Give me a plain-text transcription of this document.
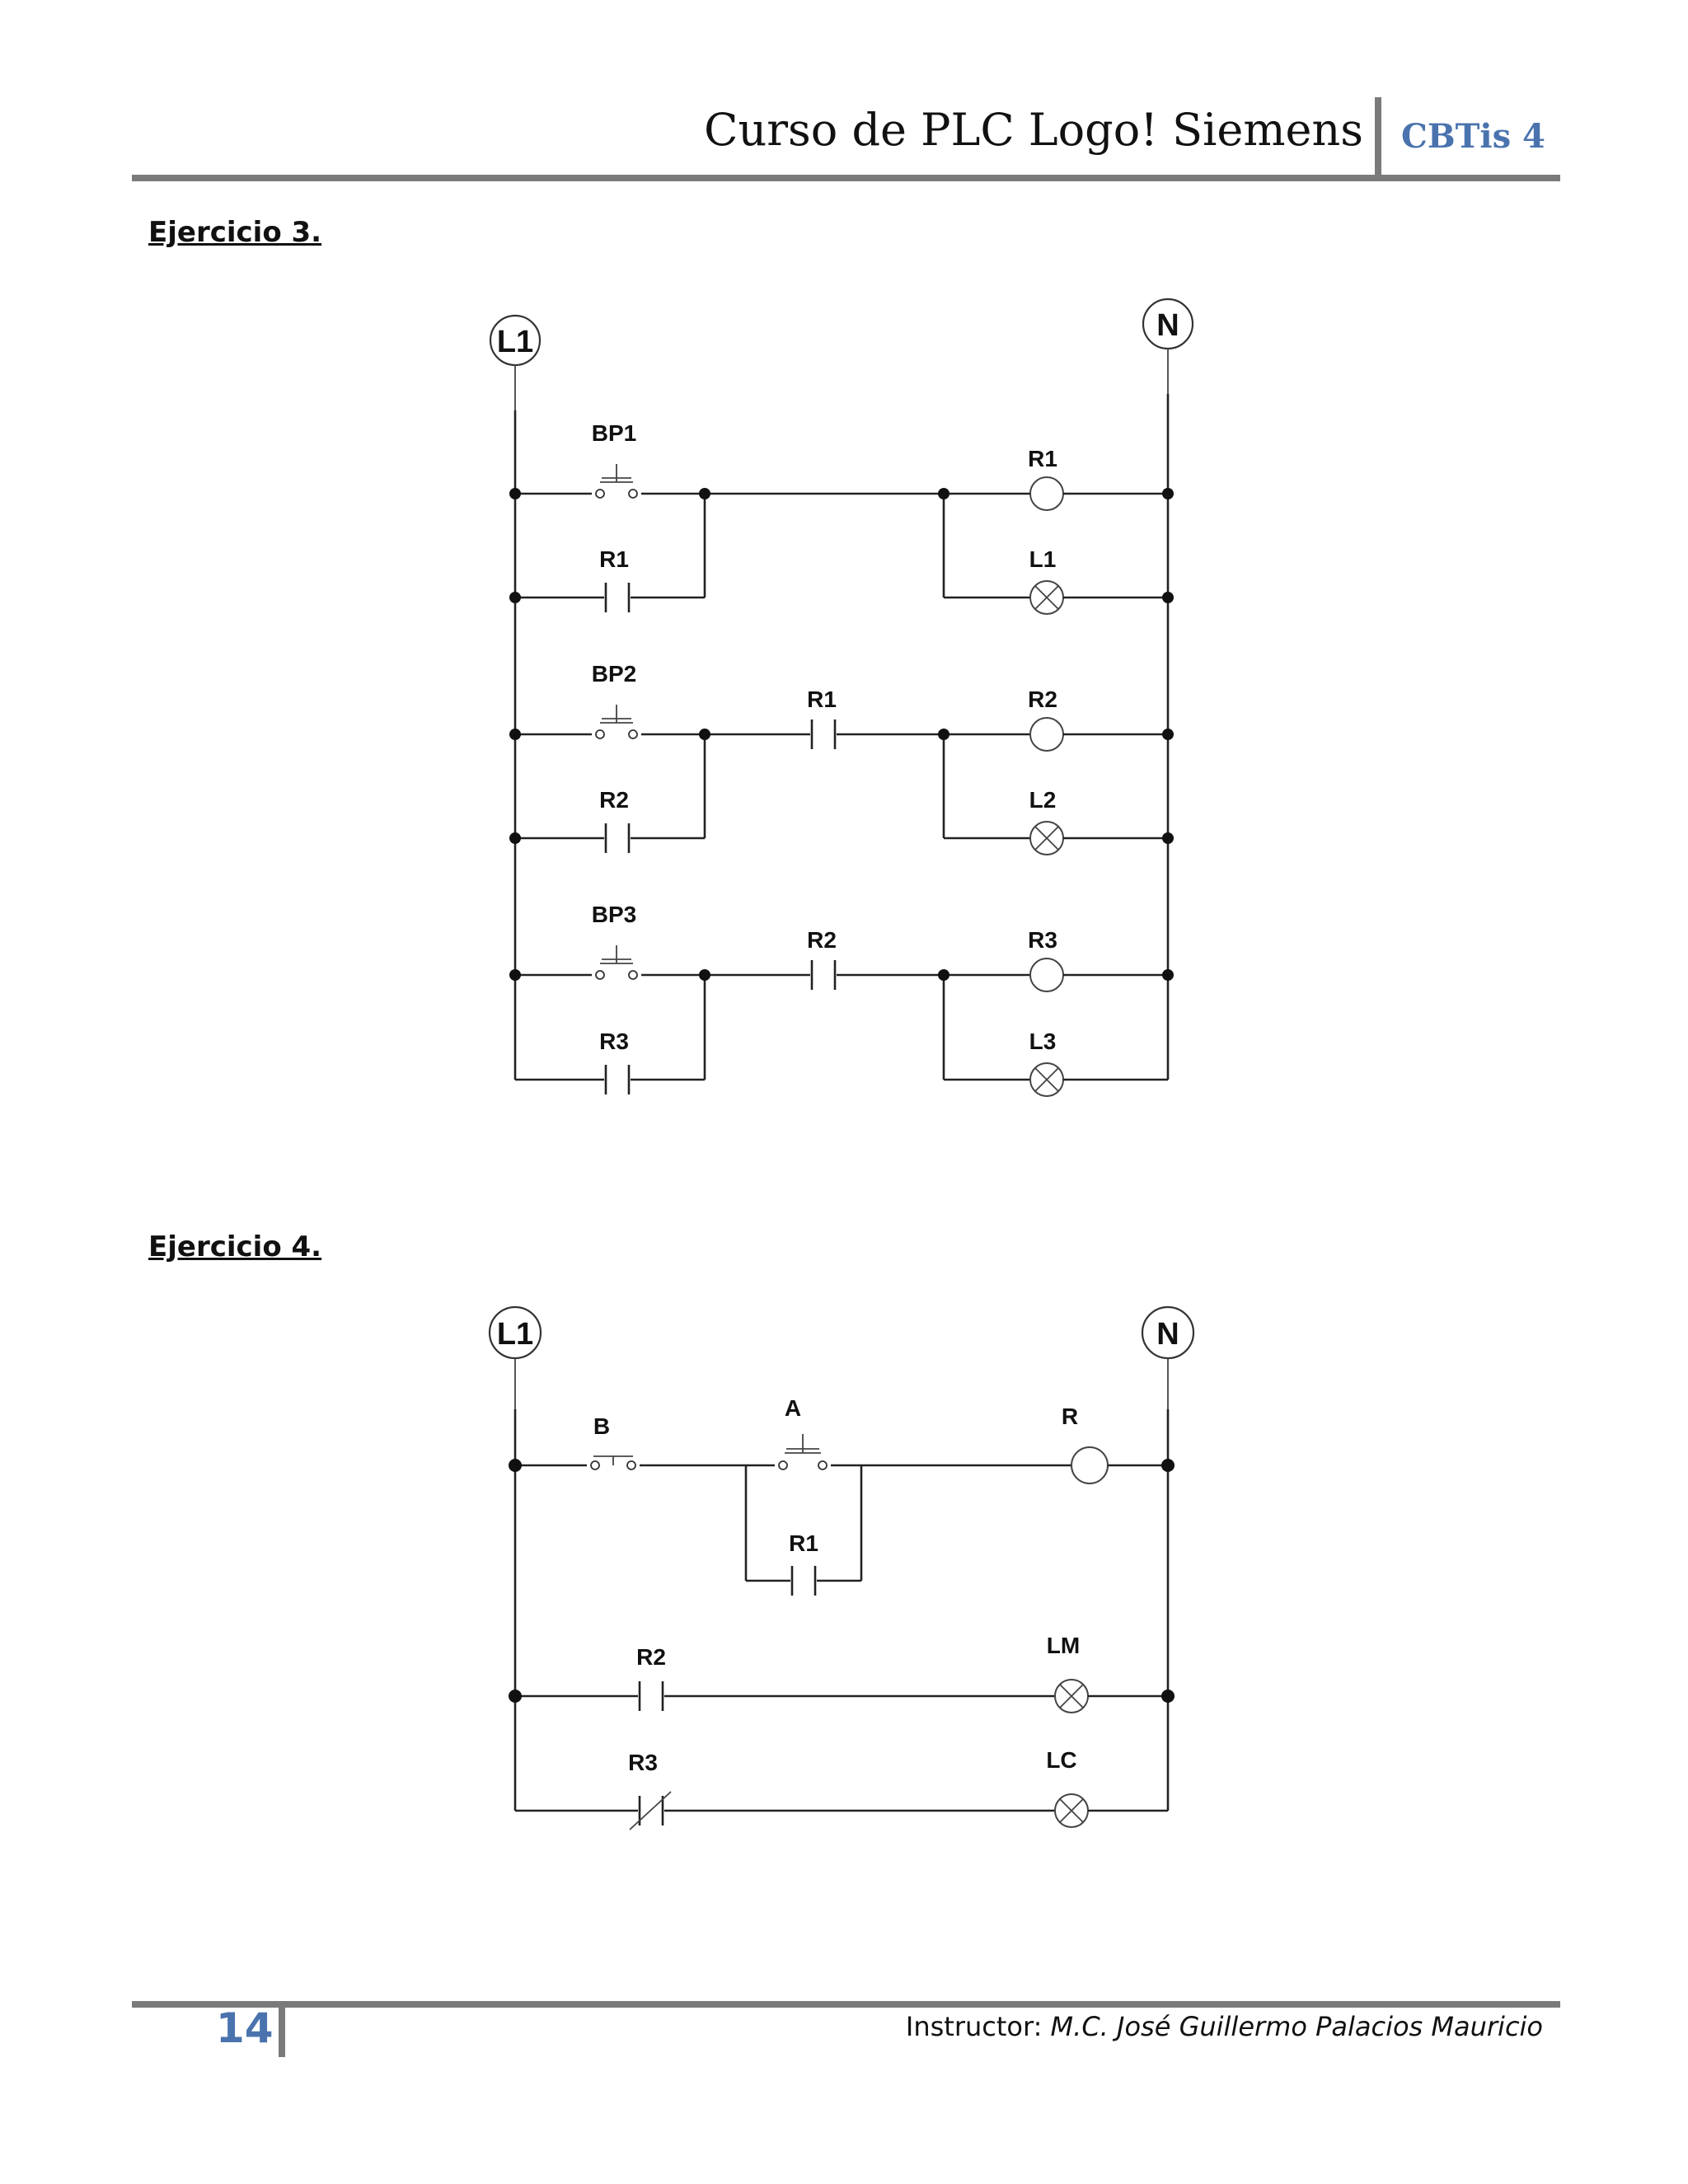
Curso de PLC Logo! Siemens CBTis 4
Ejercicio 3.
Ejercicio 4.
L1	N
BP1
R1
R1
L1
BP2
R1
R2
R2
L2
BP3
R2
R3
R3
L3
L1	N
B
A
R1
R
R2	LM
R3	LC
14	Instructor: M.C. José Guillermo Palacios Mauricio
